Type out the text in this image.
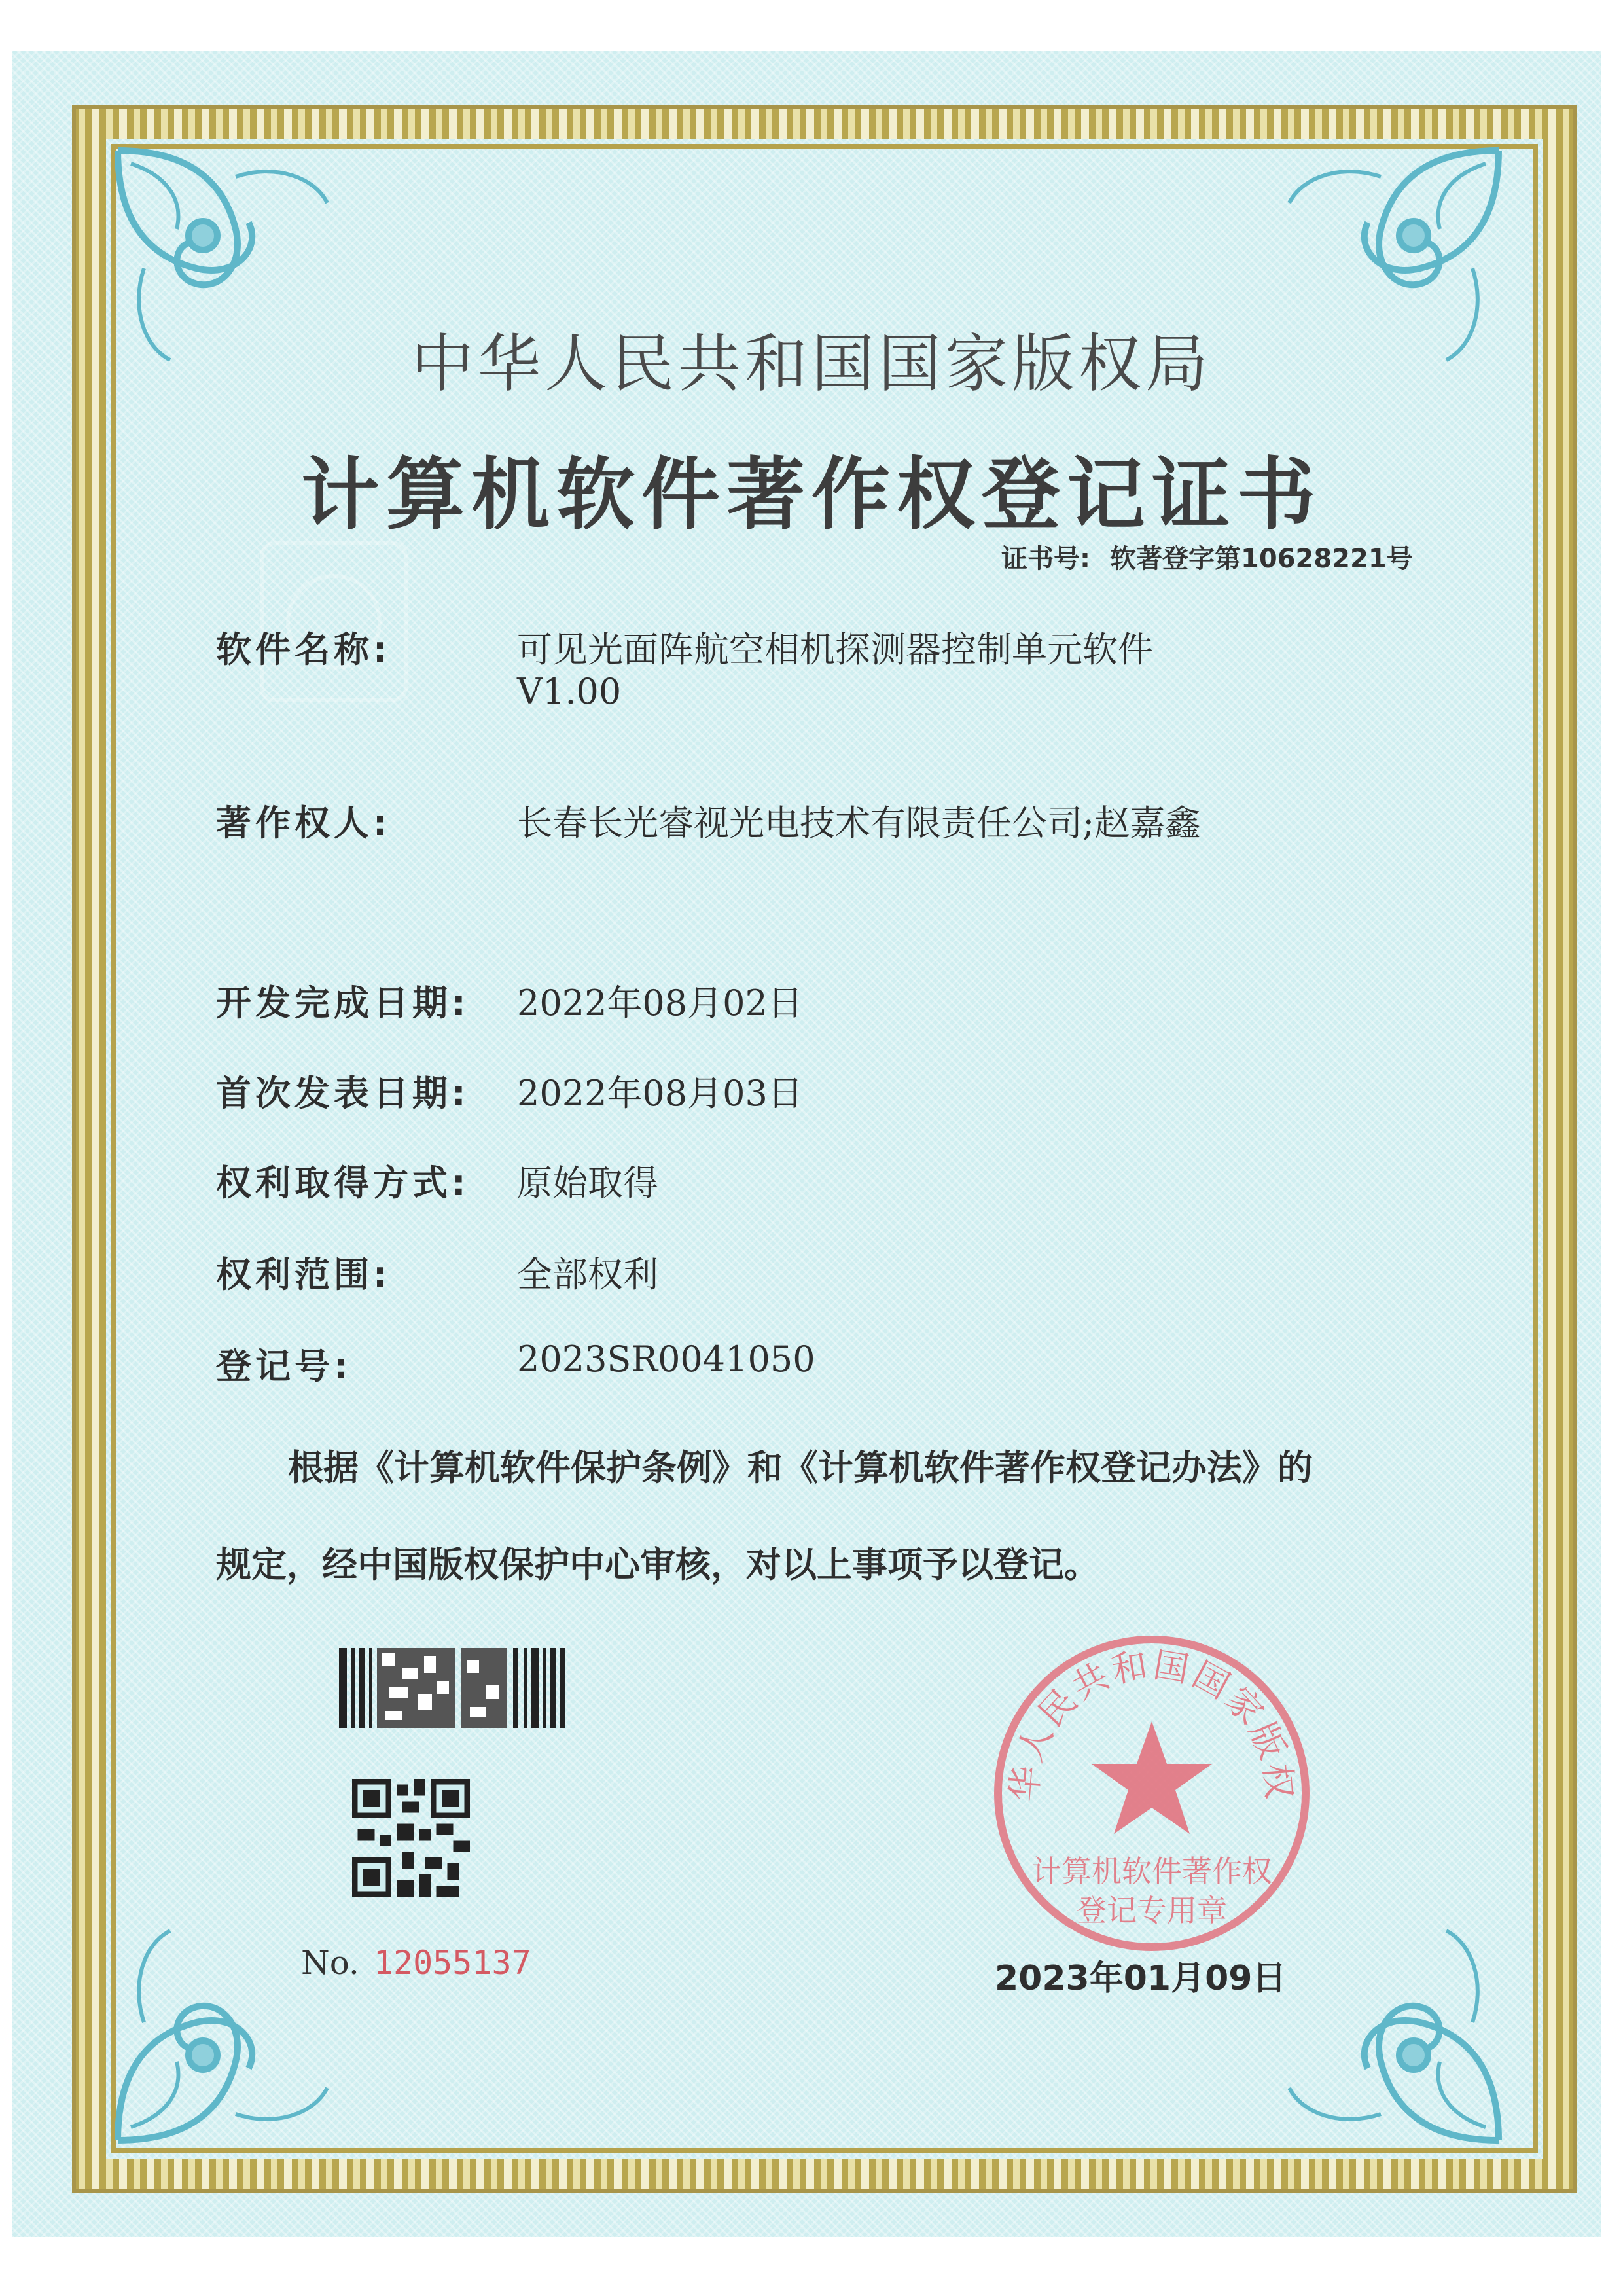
中华人民共和国国家版权局
计算机软件著作权登记证书
证书号: 软著登字第10628221号
软件名称:	可见光面阵航空相机探测器控制单元软件
V1.00
著作权人:	长春长光睿视光电技术有限责任公司;赵嘉鑫
开发完成日期: 2022年08月02日
首次发表日期: 2022年08月03日
权利取得方式: 原始取得
权利范围:	全部权利
登记号:	2023SR0041050
根据《计算机软件保护条例》和《计算机软件著作权登记办法》的
规定，经中国版权保护中心审核，对以上事项予以登记。
No. 12055137
华人民共和国国家版权
计算机软件著作权
登记专用章
2023年01月09日
